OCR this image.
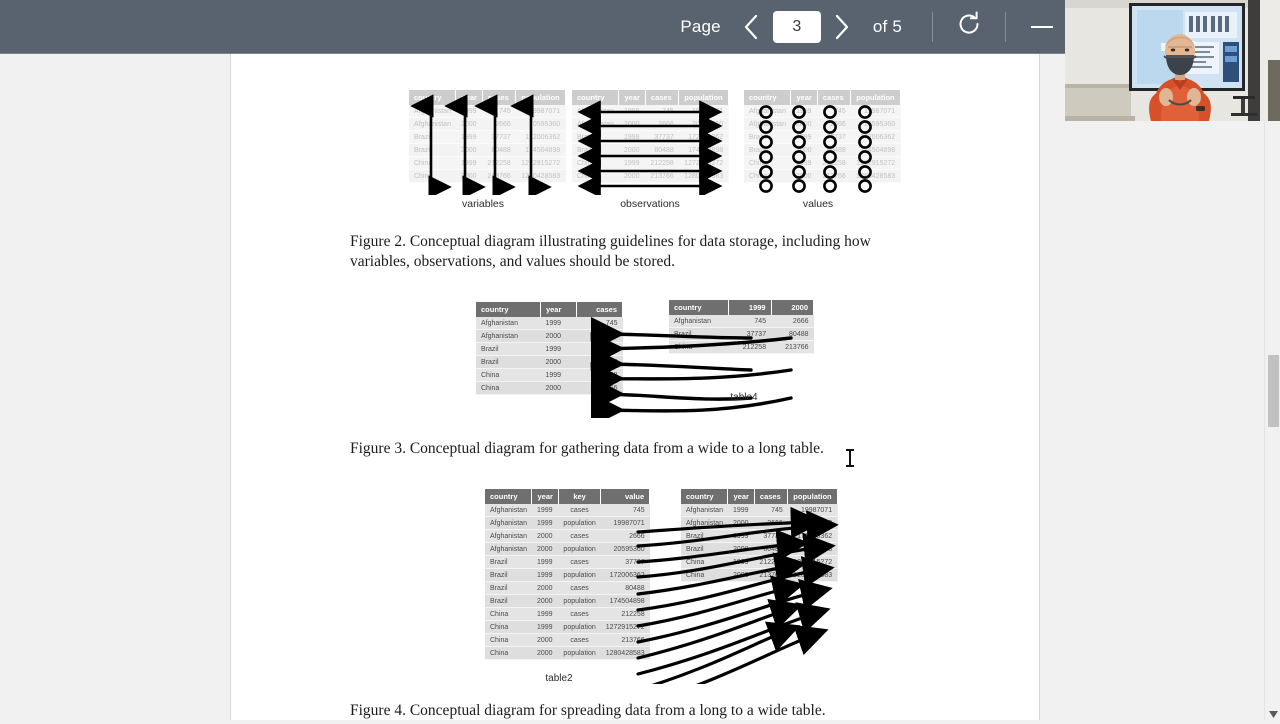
Page
3	of 5
country	year	cases	population
Afghanistan	1999	745	19987071
Afghanistan	2000	2666	20595360
Brazil	1999	37737	172006362
Brazil	2000	80488	174504898
China	1999	212258	1272915272
China	2000	213766	1280428583
variables
country	year	cases	population
Afghanistan	1999	745	19987071
Afghanistan	2000	2666	20595360
Brazil	1999	37737	172006362
Brazil	2000	80488	174504898
China	1999	212258	1272915272
China	2000	213766	1280428583
observations
country	year	cases	population
Afghanistan	1999	745	19987071
Afghanistan	2000	2666	20595360
Brazil	1999	37737	172006362
Brazil	2000	80488	174504898
China	1999	212258	1272915272
China	2000	213766	1280428583
values
Figure 2. Conceptual diagram illustrating guidelines for data storage, including how variables, observations, and values should be stored.
country	year	cases
Afghanistan	1999	745
Afghanistan	2000	2666
Brazil	1999	37737
Brazil	2000	80488
China	1999	212258
China	2000	213766
country	1999	2000
Afghanistan	745	2666
Brazil	37737	80488
China	212258	213766
table4
Figure 3. Conceptual diagram for gathering data from a wide to a long table.
country	year	key	value
Afghanistan	1999	cases	745
Afghanistan	1999	population	19987071
Afghanistan	2000	cases	2666
Afghanistan	2000	population	20595360
Brazil	1999	cases	37737
Brazil	1999	population	172006362
Brazil	2000	cases	80488
Brazil	2000	population	174504898
China	1999	cases	212258
China	1999	population	1272915272
China	2000	cases	213766
China	2000	population	1280428583
table2
country	year	cases	population
Afghanistan	1999	745	19987071
Afghanistan	2000	2666	20595360
Brazil	1999	37737	172006362
Brazil	2000	80488	174504898
China	1999	212258	1272915272
China	2000	213766	1280428583
Figure 4. Conceptual diagram for spreading data from a long to a wide table.
